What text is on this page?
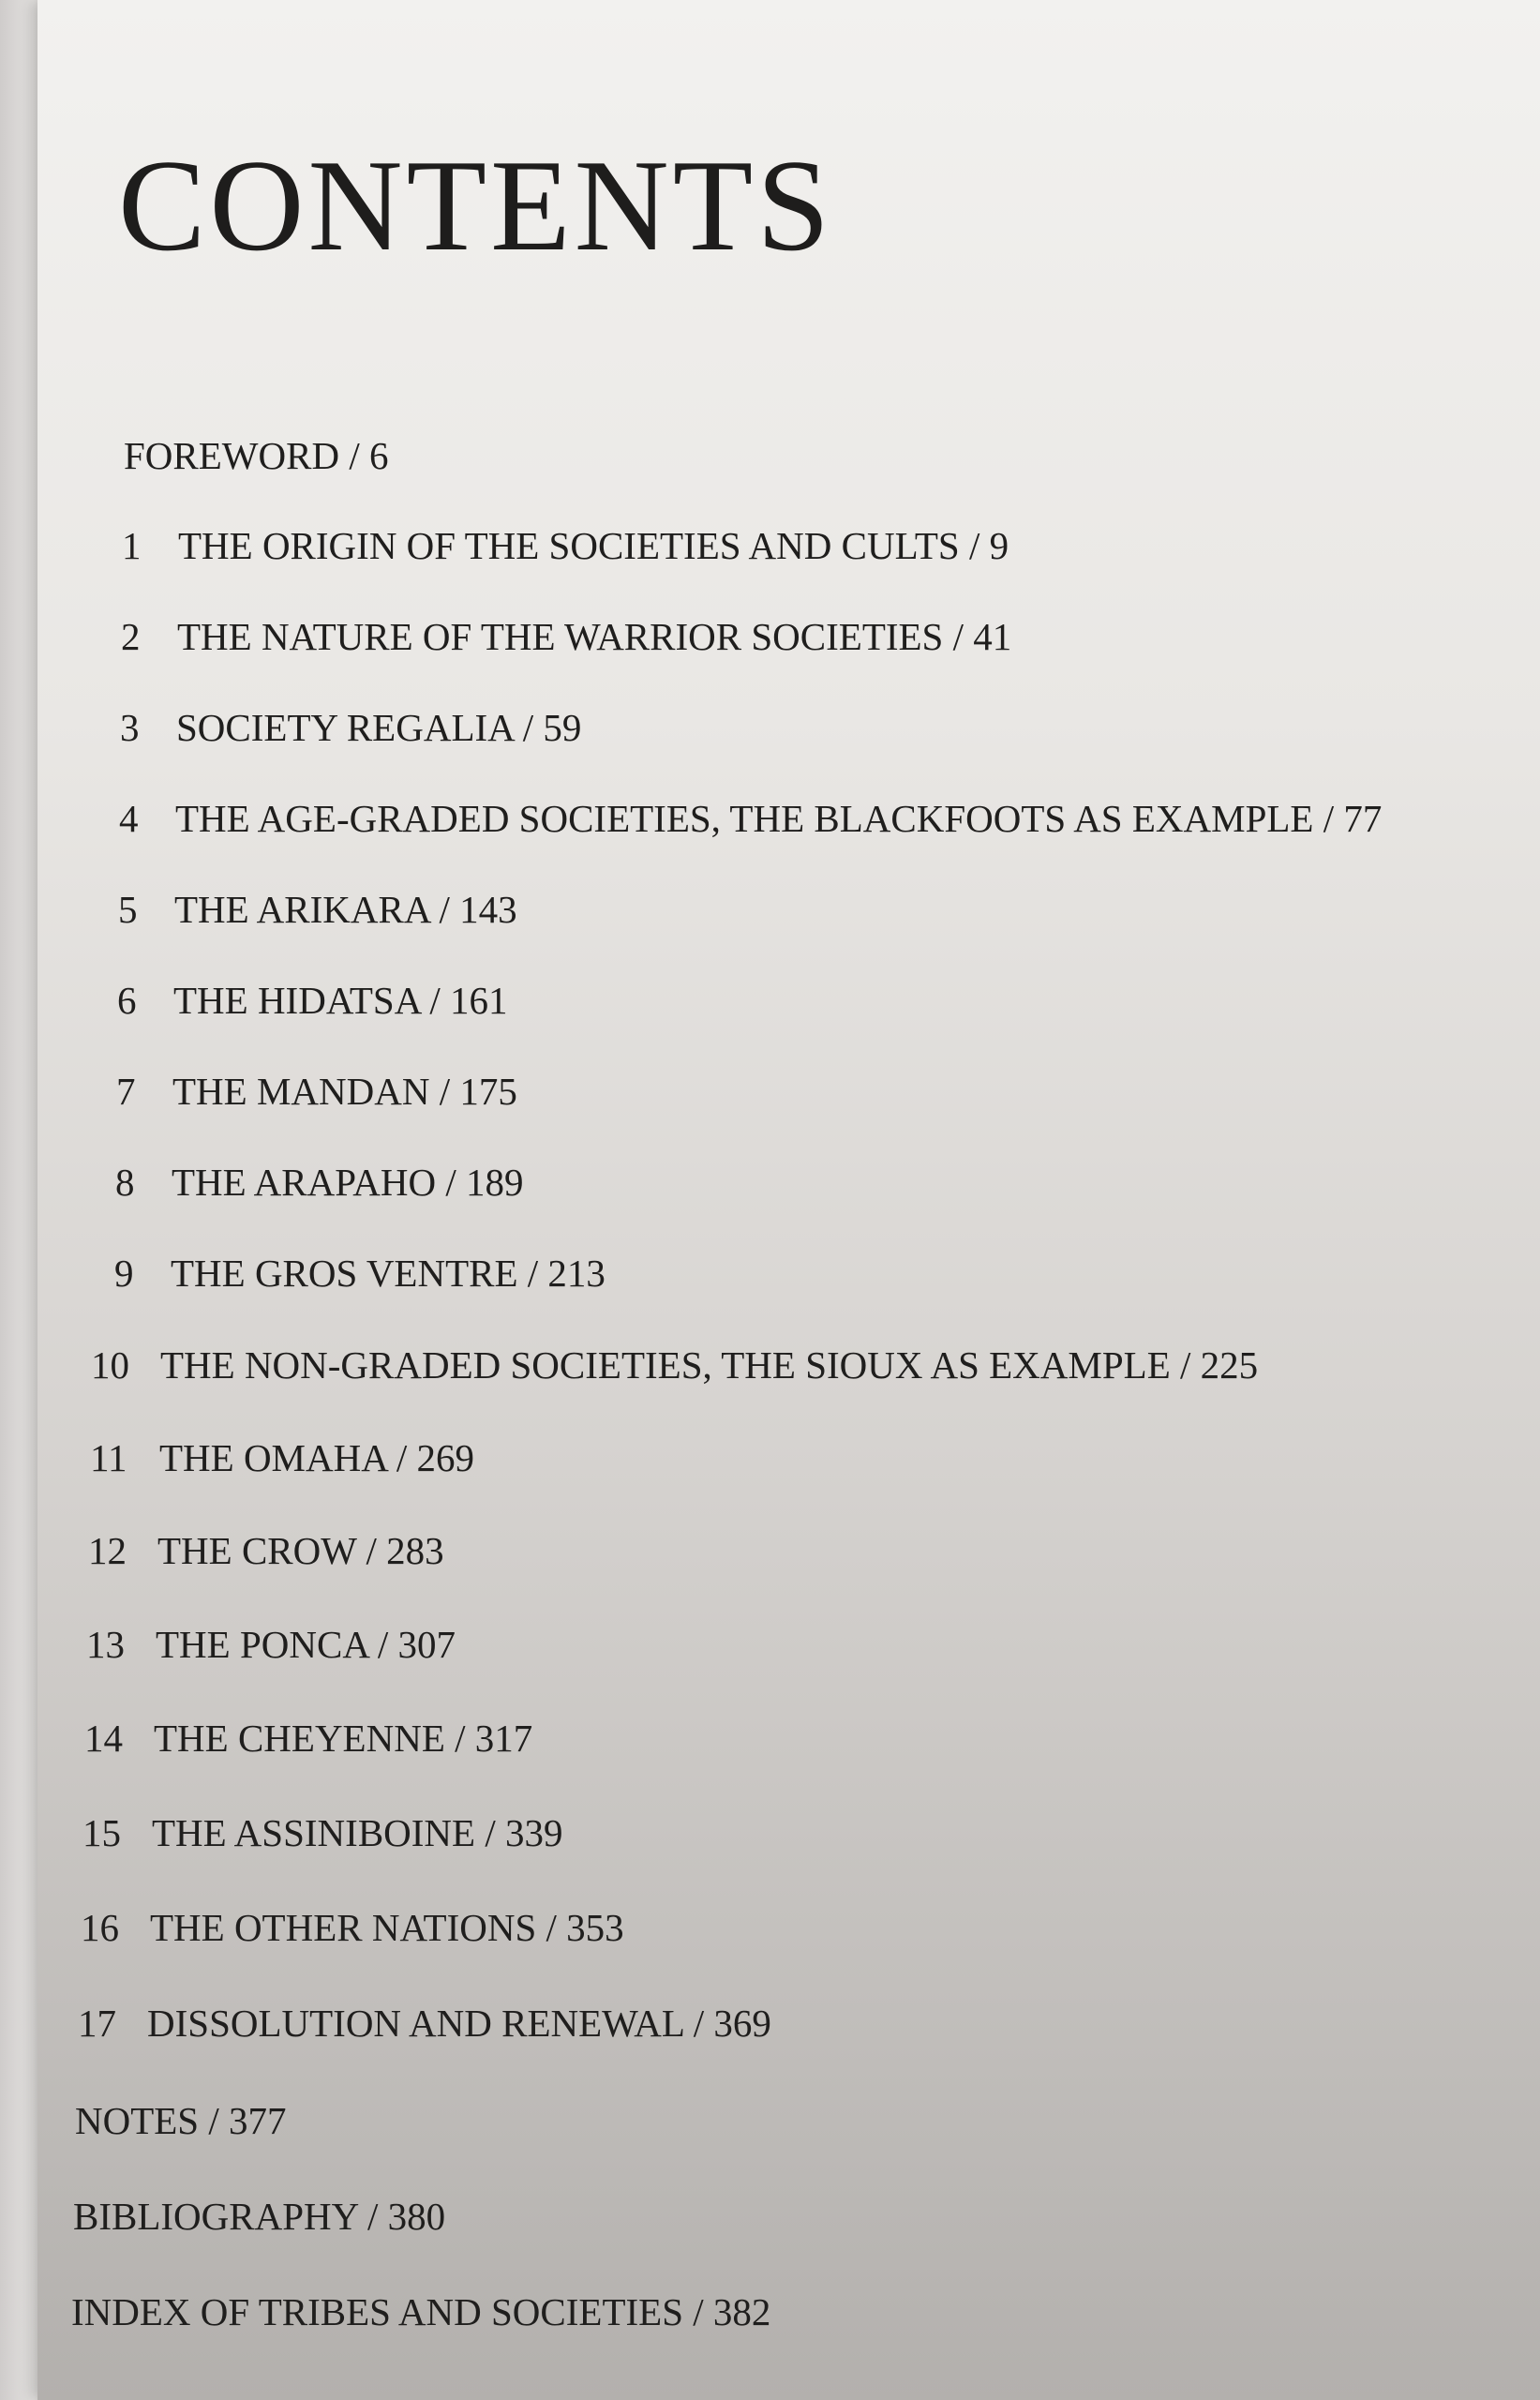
CONTENTS
FOREWORD / 6
1 THE ORIGIN OF THE SOCIETIES AND CULTS / 9
2 THE NATURE OF THE WARRIOR SOCIETIES / 41
3 SOCIETY REGALIA / 59
4 THE AGE-GRADED SOCIETIES, THE BLACKFOOTS AS EXAMPLE / 77
5 THE ARIKARA / 143
6 THE HIDATSA / 161
7 THE MANDAN / 175
8 THE ARAPAHO / 189
9 THE GROS VENTRE / 213
10 THE NON-GRADED SOCIETIES, THE SIOUX AS EXAMPLE / 225
11 THE OMAHA / 269
12 THE CROW / 283
13 THE PONCA / 307
14 THE CHEYENNE / 317
15 THE ASSINIBOINE / 339
16 THE OTHER NATIONS / 353
17 DISSOLUTION AND RENEWAL / 369
NOTES / 377
BIBLIOGRAPHY / 380
INDEX OF TRIBES AND SOCIETIES / 382
